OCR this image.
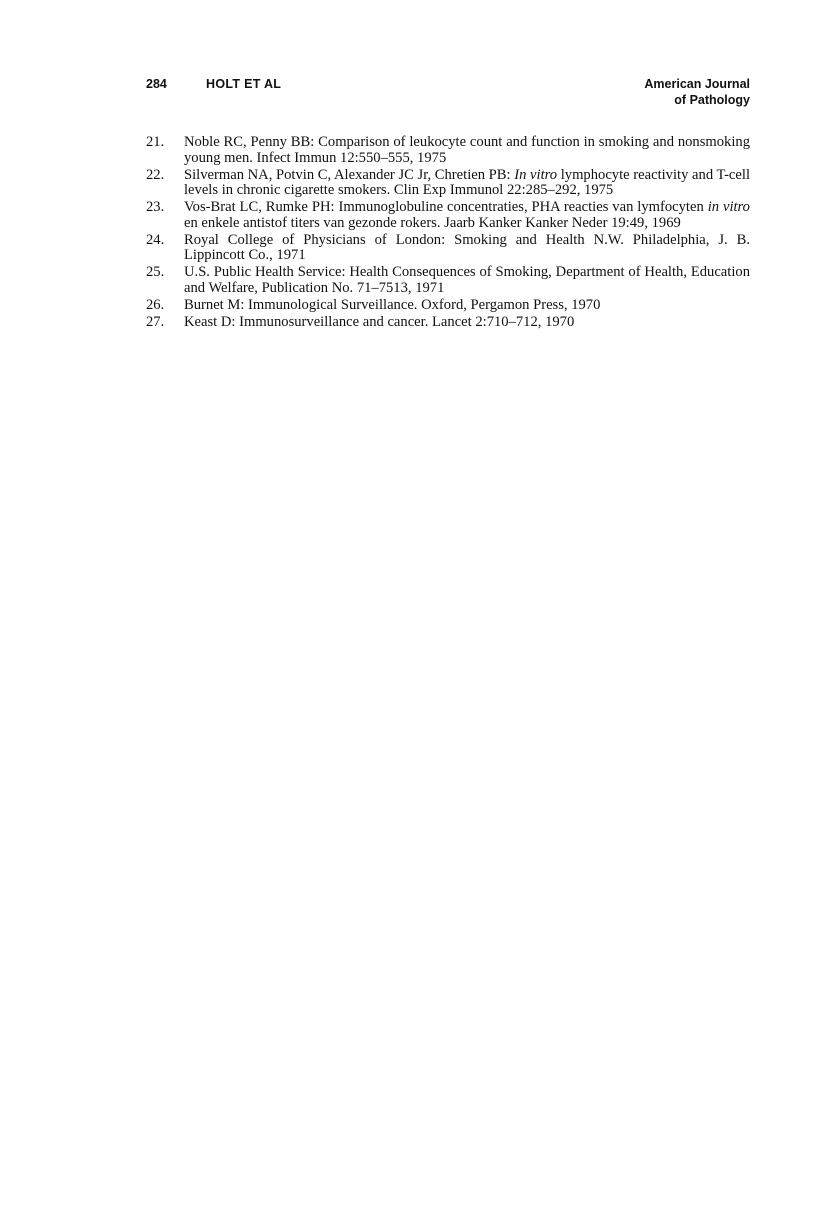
284	HOLT ET AL	American Journal
of Pathology
21. Noble RC, Penny BB: Comparison of leukocyte count and function in smoking and nonsmoking young men. Infect Immun 12:550–555, 1975
22. Silverman NA, Potvin C, Alexander JC Jr, Chretien PB: In vitro lymphocyte reactivity and T-cell levels in chronic cigarette smokers. Clin Exp Immunol 22:285–292, 1975
23. Vos-Brat LC, Rumke PH: Immunoglobuline concentraties, PHA reacties van lymfocyten in vitro en enkele antistof titers van gezonde rokers. Jaarb Kanker Kanker Neder 19:49, 1969
24. Royal College of Physicians of London: Smoking and Health N.W. Philadelphia, J. B. Lippincott Co., 1971
25. U.S. Public Health Service: Health Consequences of Smoking, Department of Health, Education and Welfare, Publication No. 71–7513, 1971
26. Burnet M: Immunological Surveillance. Oxford, Pergamon Press, 1970
27. Keast D: Immunosurveillance and cancer. Lancet 2:710–712, 1970
